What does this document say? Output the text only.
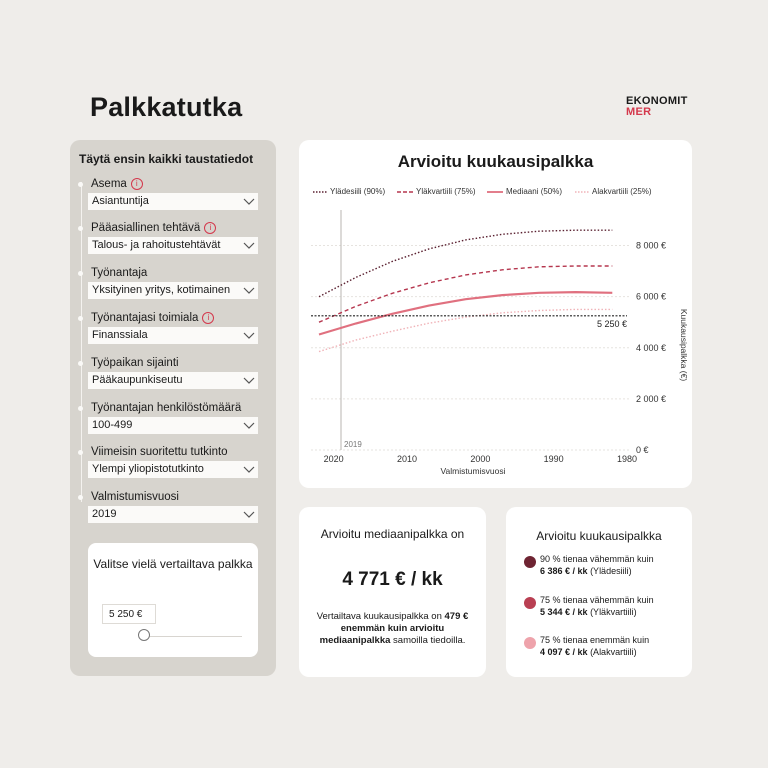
Palkkatutka	EKONOMIT
MER
Täytä ensin kaikki taustatiedot
Asema i
Asiantuntija
Pääasiallinen tehtävä i
Talous- ja rahoitustehtävät
Työnantaja
Yksityinen yritys, kotimainen
Työnantajasi toimiala i
Finanssiala
Työpaikan sijainti
Pääkaupunkiseutu
Työnantajan henkilöstömäärä
100-499
Viimeisin suoritettu tutkinto
Ylempi yliopistotutkinto
Valmistumisvuosi
2019
Valitse vielä vertailtava palkka
5 250 €
Arvioitu kuukausipalkka
Ylädesiili (90%)	Yläkvartiili (75%)	Mediaani (50%)	Alakvartiili (25%)
0 €
2 000 €
4 000 €
6 000 €
8 000 €
2020	2010	2000	1990	1980
Valmistumisvuosi
Kuukausipalkka (€)
2019
5 250 €
Arvioitu mediaanipalkka on
4 771 € / kk
Vertailtava kuukausipalkka on 479 € enemmän kuin arvioitu mediaanipalkka samoilla tiedoilla.
Arvioitu kuukausipalkka
90 % tienaa vähemmän kuin
6 386 € / kk (Ylädesiili)
75 % tienaa vähemmän kuin
5 344 € / kk (Yläkvartiili)
75 % tienaa enemmän kuin
4 097 € / kk (Alakvartiili)
